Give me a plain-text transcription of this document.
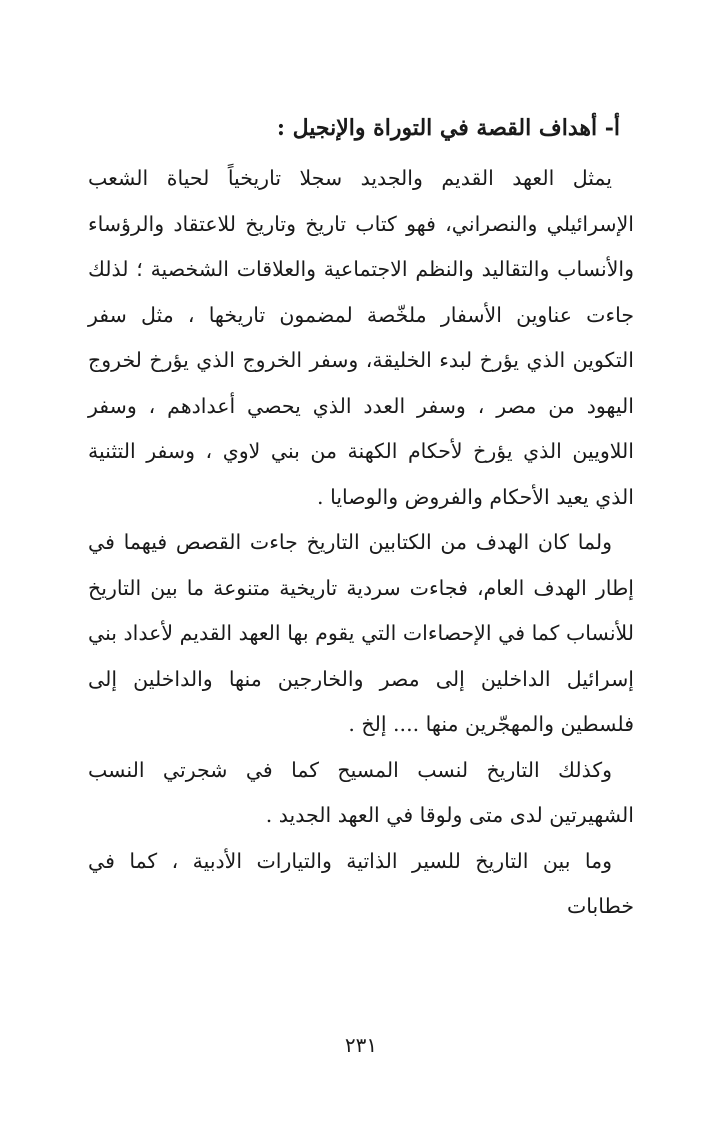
أ- أهداف القصة في التوراة والإنجيل :

يمثل العهد القديم والجديد سجلا تاريخياً لحياة الشعب الإسرائيلي والنصراني، فهو كتاب تاريخ وتاريخ للاعتقاد والرؤساء والأنساب والتقاليد والنظم الاجتماعية والعلاقات الشخصية ؛ لذلك جاءت عناوين الأسفار ملخّصة لمضمون تاريخها ، مثل سفر التكوين الذي يؤرخ لبدء الخليقة، وسفر الخروج الذي يؤرخ لخروج اليهود من مصر ، وسفر العدد الذي يحصي أعدادهم ، وسفر اللاويين الذي يؤرخ لأحكام الكهنة من بني لاوي ، وسفر التثنية الذي يعيد الأحكام والفروض والوصايا .

ولما كان الهدف من الكتابين التاريخ جاءت القصص فيهما في إطار الهدف العام، فجاءت سردية تاريخية متنوعة ما بين التاريخ للأنساب كما في الإحصاءات التي يقوم بها العهد القديم لأعداد بني إسرائيل الداخلين إلى مصر والخارجين منها والداخلين إلى فلسطين والمهجّرين منها .... إلخ .

وكذلك التاريخ لنسب المسيح كما في شجرتي النسب الشهيرتين لدى متى ولوقا في العهد الجديد .

وما بين التاريخ للسير الذاتية والتيارات الأدبية ، كما في خطابات

٢٣١
